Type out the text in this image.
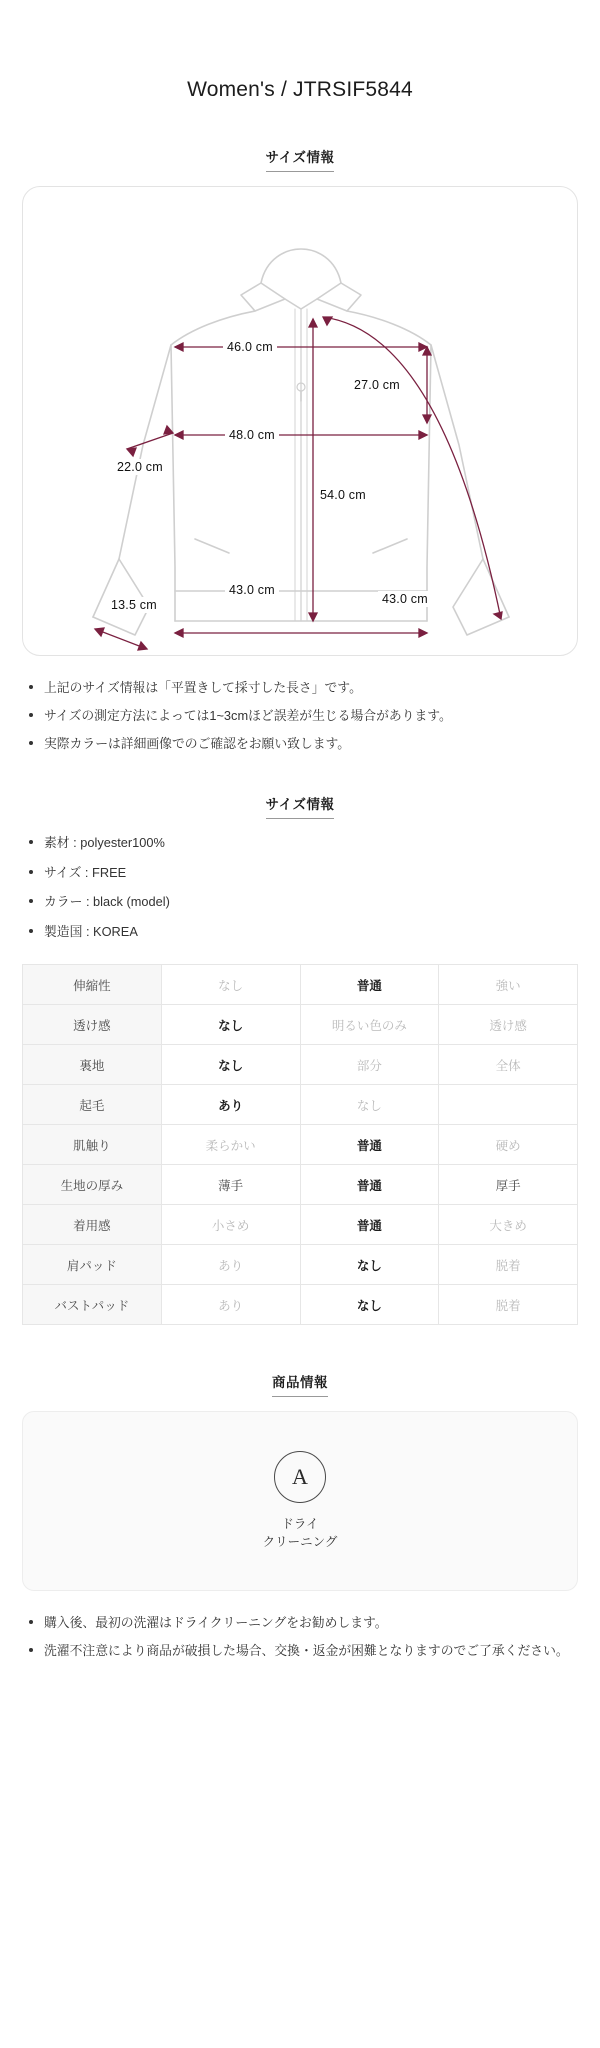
Women's / JTRSIF5844
サイズ情報
46.0 cm
27.0 cm
48.0 cm
22.0 cm
54.0 cm
43.0 cm
13.5 cm	43.0 cm
上記のサイズ情報は「平置きして採寸した長さ」です。
サイズの測定方法によっては1~3cmほど誤差が生じる場合があります。
実際カラーは詳細画像でのご確認をお願い致します。
サイズ情報
素材 : polyester100%
サイズ : FREE
カラー : black (model)
製造国 : KOREA
伸縮性	なし	普通	強い
透け感	なし	明るい色のみ	透け感
裏地	なし	部分	全体
起毛	あり	なし	
肌触り	柔らかい	普通	硬め
生地の厚み	薄手	普通	厚手
着用感	小さめ	普通	大きめ
肩パッド	あり	なし	脱着
バストパッド	あり	なし	脱着
商品情報
A
ドライ
クリーニング
購入後、最初の洗濯はドライクリーニングをお勧めします。
洗濯不注意により商品が破損した場合、交換・返金が困難となりますのでご了承ください。
